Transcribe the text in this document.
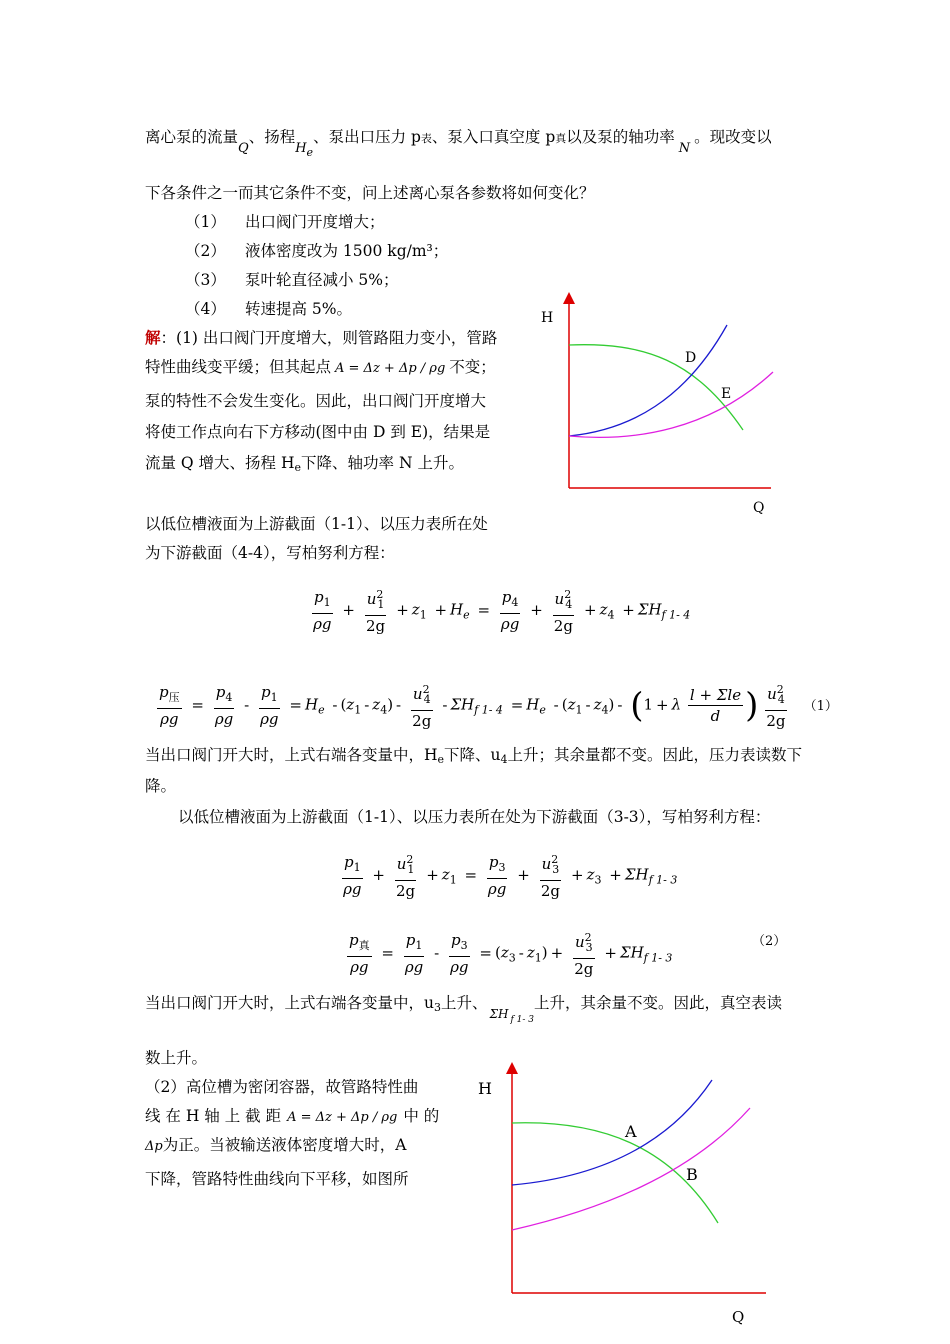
离心泵的流量$_Q$、扬程$_{He}$、泵出口压力 p表、泵入口真空度 p真以及泵的轴功率$_N$。现改变以
下各条件之一而其它条件不变，问上述离心泵各参数将如何变化？
（1） 出口阀门开度增大；
（2） 液体密度改为 1500 kg/m³；
（3） 泵叶轮直径减小 5%；
（4） 转速提高 5%。
解：(1) 出口阀门开度增大，则管路阻力变小，管路
特性曲线变平缓；但其起点 A = Δz + Δp / ρg 不变；
泵的特性不会发生变化。因此，出口阀门开度增大
将使工作点向右下方移动(图中由 D 到 E)，结果是
流量 Q 增大、扬程 He下降、轴功率 N 上升。
H
Q
D
E
以低位槽液面为上游截面（1-1）、以压力表所在处
为下游截面（4-4），写柏努利方程：
$\frac{p_1}{\rho g} + \frac{u^2_1}{2g} + z_1 + H_e = \frac{p_4}{\rho g} + \frac{u^2_4}{2g} + z_4 + \Sigma H_{f 1- 4}$
$\frac{p_压}{\rho g} = \frac{p_4}{\rho g} - \frac{p_1}{\rho g} = H_e - (z_1 - z_4) - \frac{u^2_4}{2g} - \Sigma H_{f 1- 4} = H_e - (z_1 - z_4) - (1 + \lambda \frac{\text{l + Σle}}{d}$ ) $\frac{u^2_4}{2g} (1)$
当出口阀门开大时，上式右端各变量中，He下降、u4上升；其余量都不变。因此，压力表读数下
降。
以低位槽液面为上游截面（1-1）、以压力表所在处为下游截面（3-3），写柏努利方程：
$\frac{p_1}{\rho g} + \frac{u^2_1}{2g} + z_1 = \frac{p_3}{\rho g} + \frac{u^2_3}{2g} + z_3 + \Sigma H_{f 1- 3}$
$\frac{p_真}{\rho g} = \frac{p_1}{\rho g} - \frac{p_3}{\rho g} = (z_3 - z_1) + \frac{u^2_3}{2g} + \Sigma H_{f 1- 3}$
（2）
当出口阀门开大时，上式右端各变量中，u3上升、$_{\Sigma H}$ $_{f 1- 3}$上升，其余量不变。因此，真空表读
数上升。
（2）高位槽为密闭容器，故管路特性曲
线 在 H 轴 上 截 距 A = Δz + Δp / ρg 中 的
Δp为正。当被输送液体密度增大时，A
下降，管路特性曲线向下平移，如图所
H
Q
A
B
